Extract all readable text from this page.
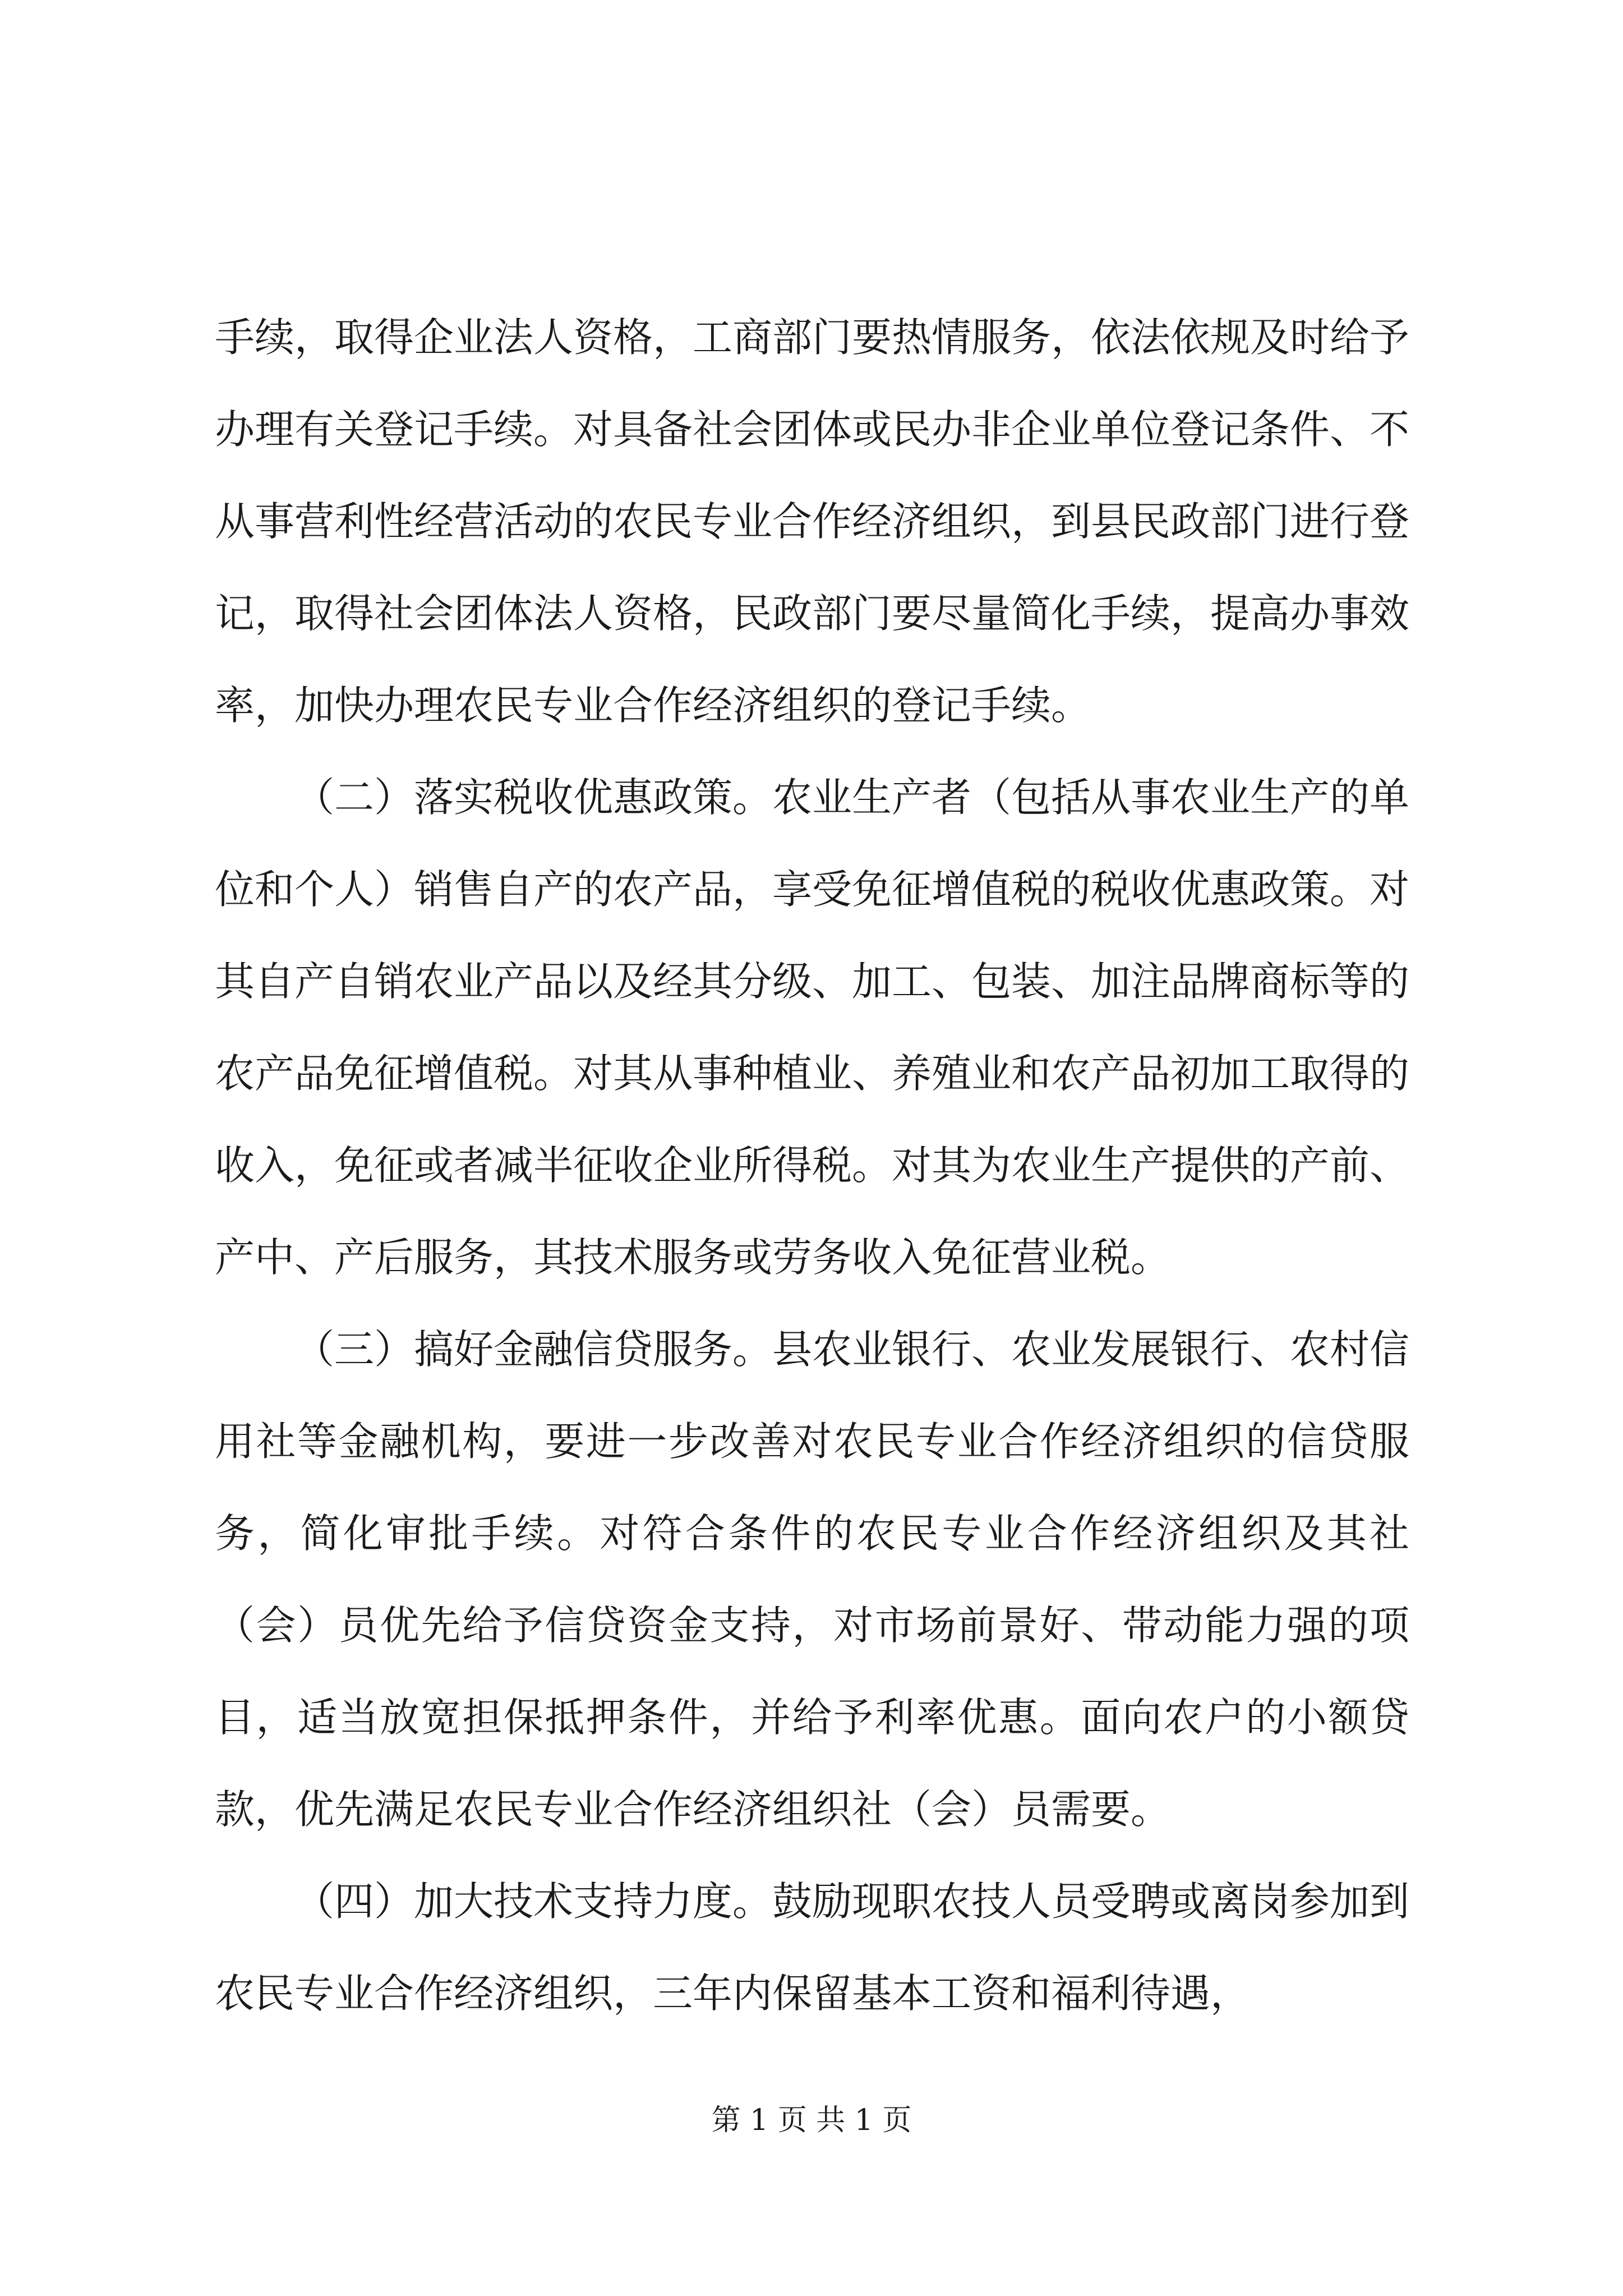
手续，取得企业法人资格，工商部门要热情服务，依法依规及时给予办理有关登记手续。对具备社会团体或民办非企业单位登记条件、不从事营利性经营活动的农民专业合作经济组织，到县民政部门进行登记，取得社会团体法人资格，民政部门要尽量简化手续，提高办事效率，加快办理农民专业合作经济组织的登记手续。

（二）落实税收优惠政策。农业生产者（包括从事农业生产的单位和个人）销售自产的农产品，享受免征增值税的税收优惠政策。对其自产自销农业产品以及经其分级、加工、包装、加注品牌商标等的农产品免征增值税。对其从事种植业、养殖业和农产品初加工取得的收入，免征或者减半征收企业所得税。对其为农业生产提供的产前、产中、产后服务，其技术服务或劳务收入免征营业税。

（三）搞好金融信贷服务。县农业银行、农业发展银行、农村信用社等金融机构，要进一步改善对农民专业合作经济组织的信贷服务，简化审批手续。对符合条件的农民专业合作经济组织及其社（会）员优先给予信贷资金支持，对市场前景好、带动能力强的项目，适当放宽担保抵押条件，并给予利率优惠。面向农户的小额贷款，优先满足农民专业合作经济组织社（会）员需要。

（四）加大技术支持力度。鼓励现职农技人员受聘或离岗参加到农民专业合作经济组织，三年内保留基本工资和福利待遇，

第 1 页 共 1 页
